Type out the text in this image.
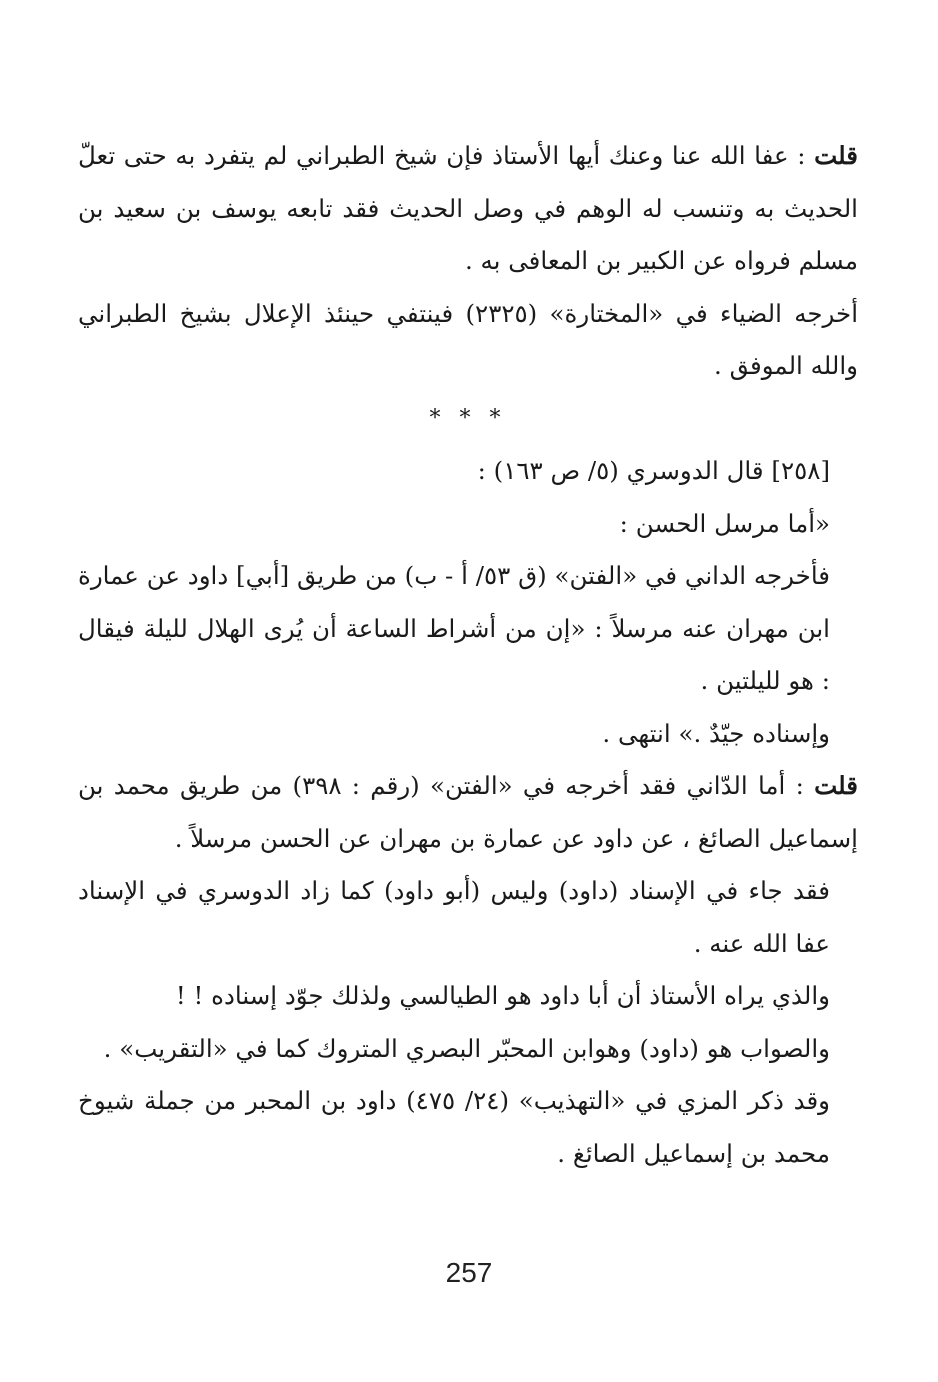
قلت : عفا الله عنا وعنك أيها الأستاذ فإن شيخ الطبراني لم يتفرد به حتى تعلّ الحديث به وتنسب له الوهم في وصل الحديث فقد تابعه يوسف بن سعيد بن مسلم فرواه عن الكبير بن المعافى به .

أخرجه الضياء في «المختارة» (٢٣٢٥) فينتفي حينئذ الإعلال بشيخ الطبراني والله الموفق .

* * *

[٢٥٨] قال الدوسري (٥/ ص ١٦٣) :

«أما مرسل الحسن :

فأخرجه الداني في «الفتن» (ق ٥٣/ أ - ب) من طريق [أبي] داود عن عمارة ابن مهران عنه مرسلاً : «إن من أشراط الساعة أن يُرى الهلال لليلة فيقال : هو لليلتين .

وإسناده جيّدٌ .» انتهى .

قلت : أما الدّاني فقد أخرجه في «الفتن» (رقم : ٣٩٨) من طريق محمد بن إسماعيل الصائغ ، عن داود عن عمارة بن مهران عن الحسن مرسلاً .

فقد جاء في الإسناد (داود) وليس (أبو داود) كما زاد الدوسري في الإسناد عفا الله عنه .

والذي يراه الأستاذ أن أبا داود هو الطيالسي ولذلك جوّد إسناده ! !

والصواب هو (داود) وهوابن المحبّر البصري المتروك كما في «التقريب» .

وقد ذكر المزي في «التهذيب» (٢٤/ ٤٧٥) داود بن المحبر من جملة شيوخ محمد بن إسماعيل الصائغ .

257
